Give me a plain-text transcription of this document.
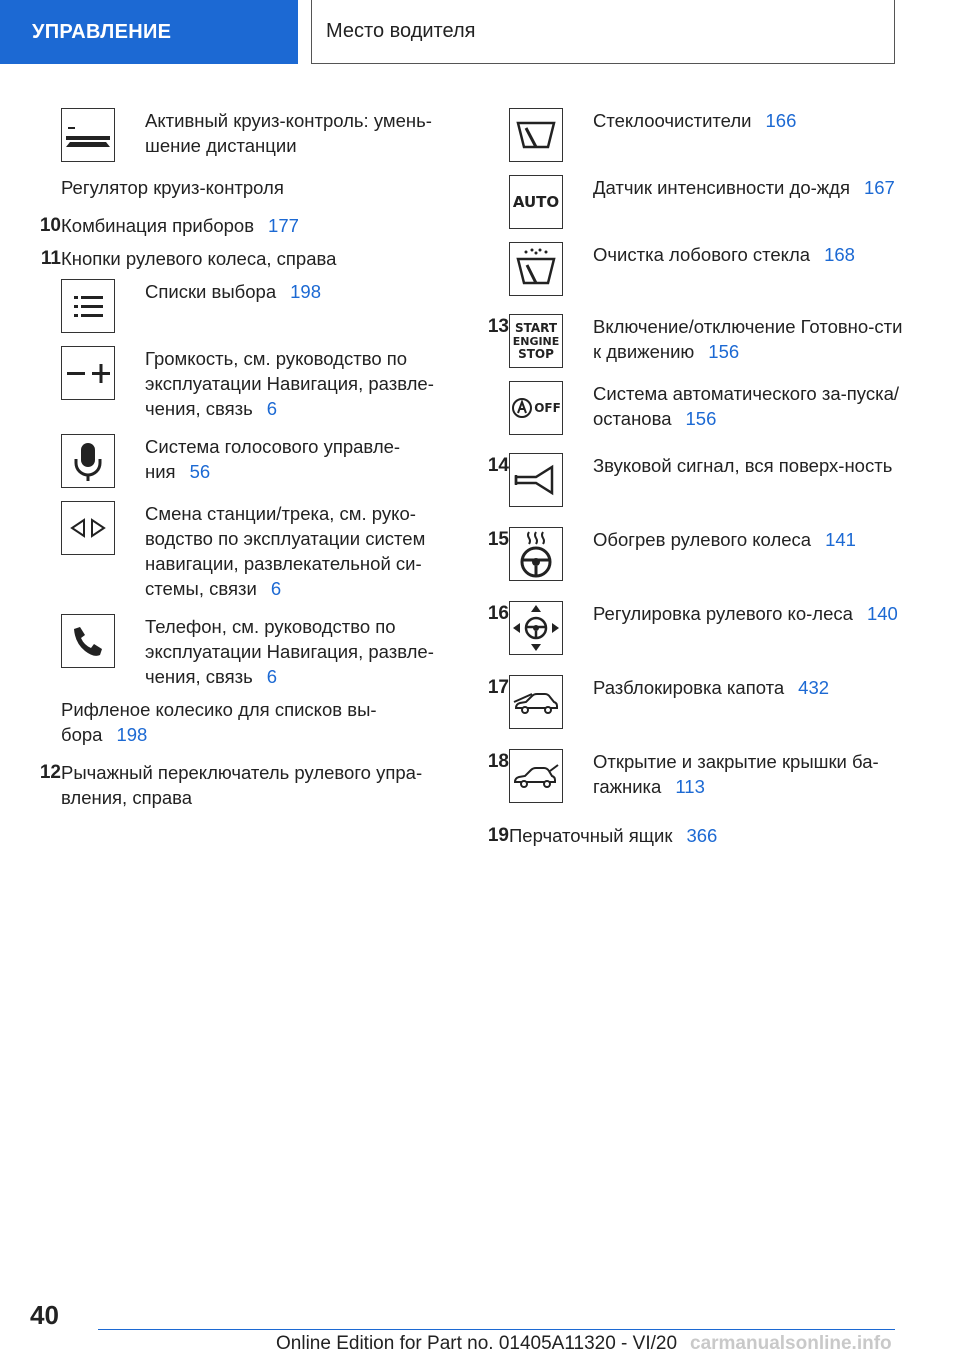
УПРАВЛЕНИЕ	Место водителя
Активный круиз-контроль: умень-шение дистанции
Регулятор круиз-контроля
10 Комбинация приборов 177
11 Кнопки рулевого колеса, справа
Списки выбора 198
Громкость, см. руководство по эксплуатации Навигация, развле-чения, связь 6
Система голосового управле-ния 56
Смена станции/трека, см. руко-водство по эксплуатации систем навигации, развлекательной си-стемы, связи 6
Телефон, см. руководство по эксплуатации Навигация, развле-чения, связь 6
Рифленое колесико для списков вы-бора 198
12 Рычажный переключатель рулевого упра-вления, справа
Стеклоочистители 166
AUTO
Датчик интенсивности до-ждя 167
Очистка лобового стекла 168
13 START
ENGINE
STOP
Включение/отключение Готовно-сти к движению 156
OFF
Система автоматического за-пуска/останова 156
14	Звуковой сигнал, вся поверх-ность
15	Обогрев рулевого колеса 141
16	Регулировка рулевого ко-леса 140
17	Разблокировка капота 432
18	Открытие и закрытие крышки ба-гажника 113
19 Перчаточный ящик 366
40
Online Edition for Part no. 01405A11320 - VI/20 carmanualsonline.info
